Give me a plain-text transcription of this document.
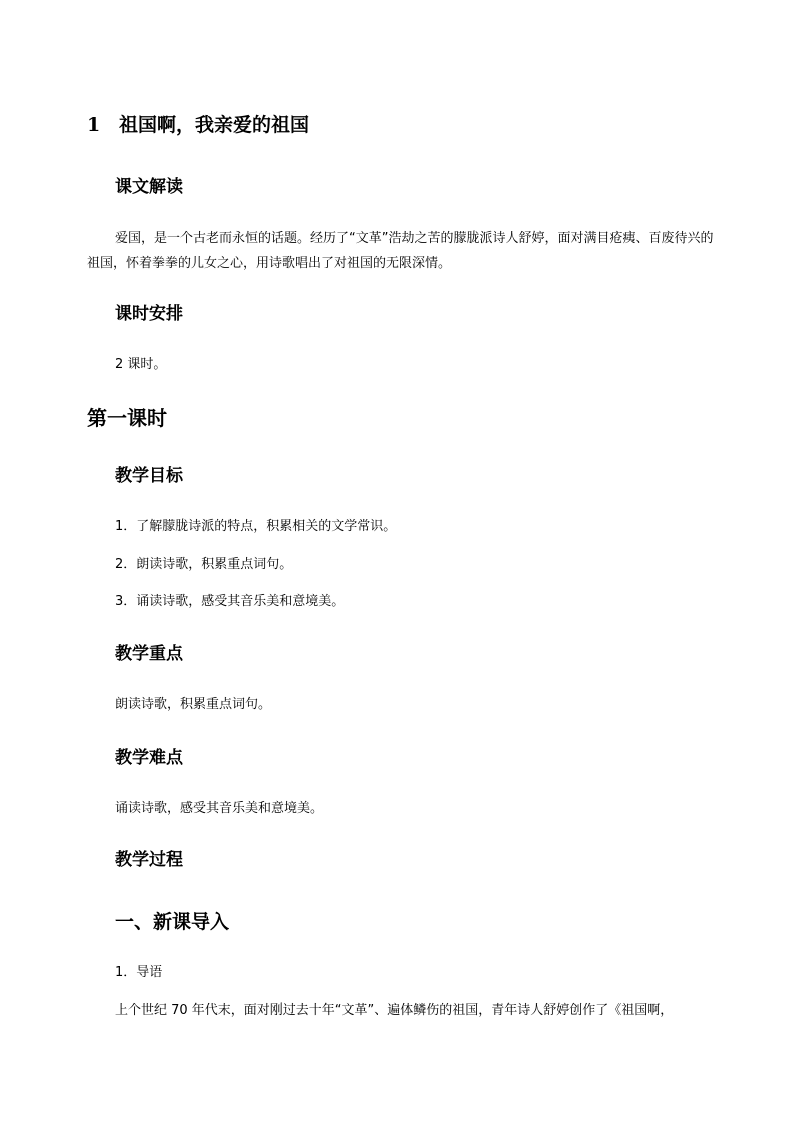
1 祖国啊，我亲爱的祖国
课文解读

爱国，是一个古老而永恒的话题。经历了“文革”浩劫之苦的朦胧派诗人舒婷，面对满目疮痍、百废待兴的祖国，怀着拳拳的儿女之心，用诗歌唱出了对祖国的无限深情。

课时安排
2 课时。
第一课时
教学目标
1．了解朦胧诗派的特点，积累相关的文学常识。
2．朗读诗歌，积累重点词句。
3．诵读诗歌，感受其音乐美和意境美。
教学重点
朗读诗歌，积累重点词句。
教学难点
诵读诗歌，感受其音乐美和意境美。
教学过程
一、新课导入
1．导语
上个世纪 70 年代末，面对刚过去十年“文革”、遍体鳞伤的祖国，青年诗人舒婷创作了《祖国啊，
